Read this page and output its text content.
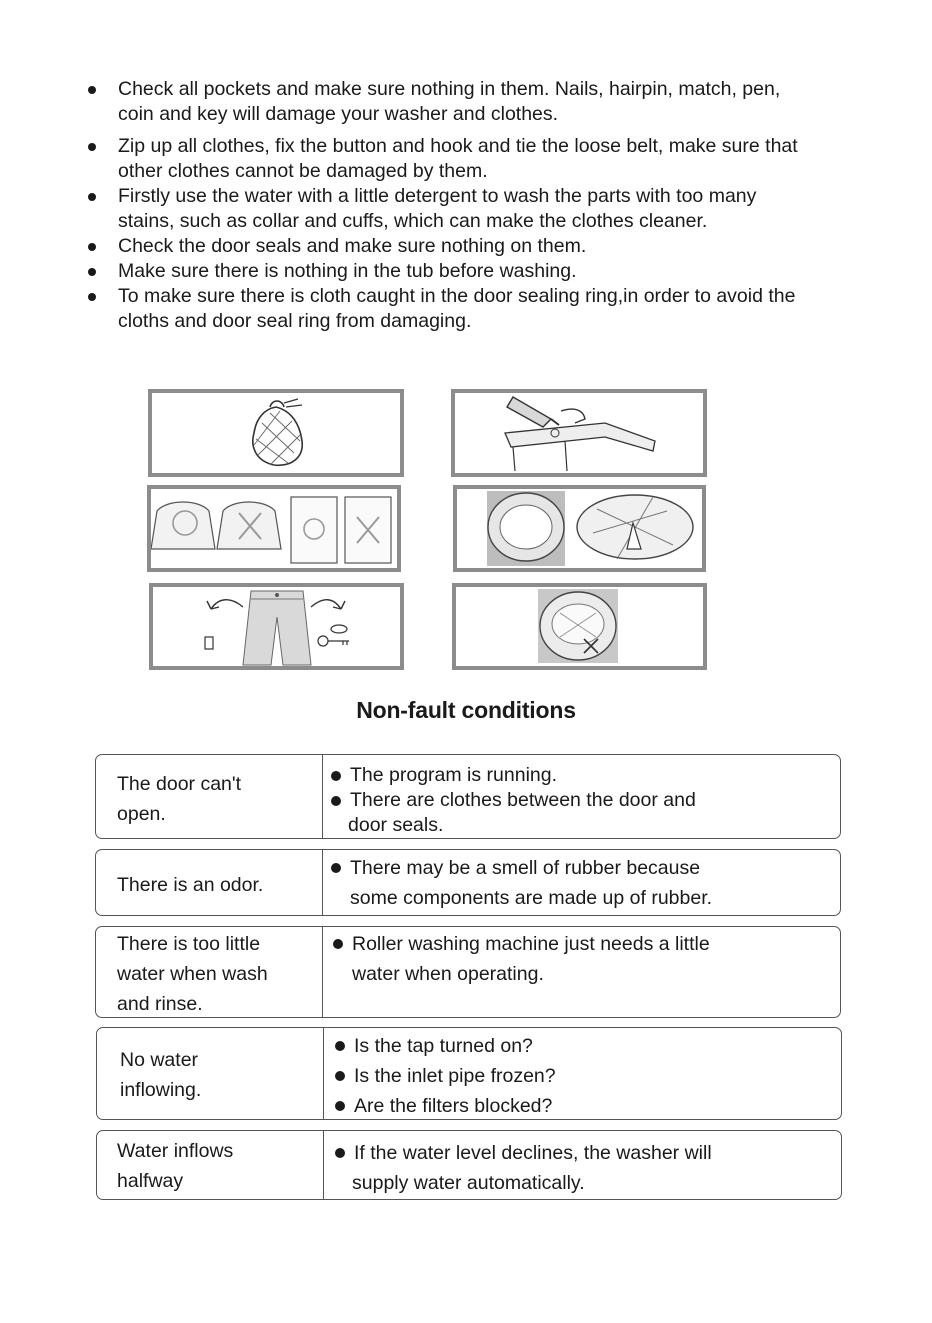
Check all pockets and make sure nothing in them. Nails, hairpin, match, pen, coin and key will damage your washer and clothes.
Zip up all clothes, fix the button and hook and tie the loose belt, make sure that other clothes cannot be damaged by them.
Firstly use the water with a little detergent to wash the parts with too many stains, such as collar and cuffs, which can make the clothes cleaner.
Check the door seals and make sure nothing on them.
Make sure there is nothing in the tub before washing.
To make sure there is cloth caught in the door sealing ring,in order to avoid the cloths and door seal ring from damaging.
Non-fault conditions
The door can't
open.
The program is running.
There are clothes between the door and
door seals.
There is an odor.
There may be a smell of rubber because
some components are made up of rubber.
There is too little
water when wash
and rinse.
Roller washing machine just needs a little
water when operating.
No water
inflowing.
Is the tap turned on?
Is the inlet pipe frozen?
Are the filters blocked?
Water inflows
halfway
If the water level declines, the washer will
supply water automatically.
